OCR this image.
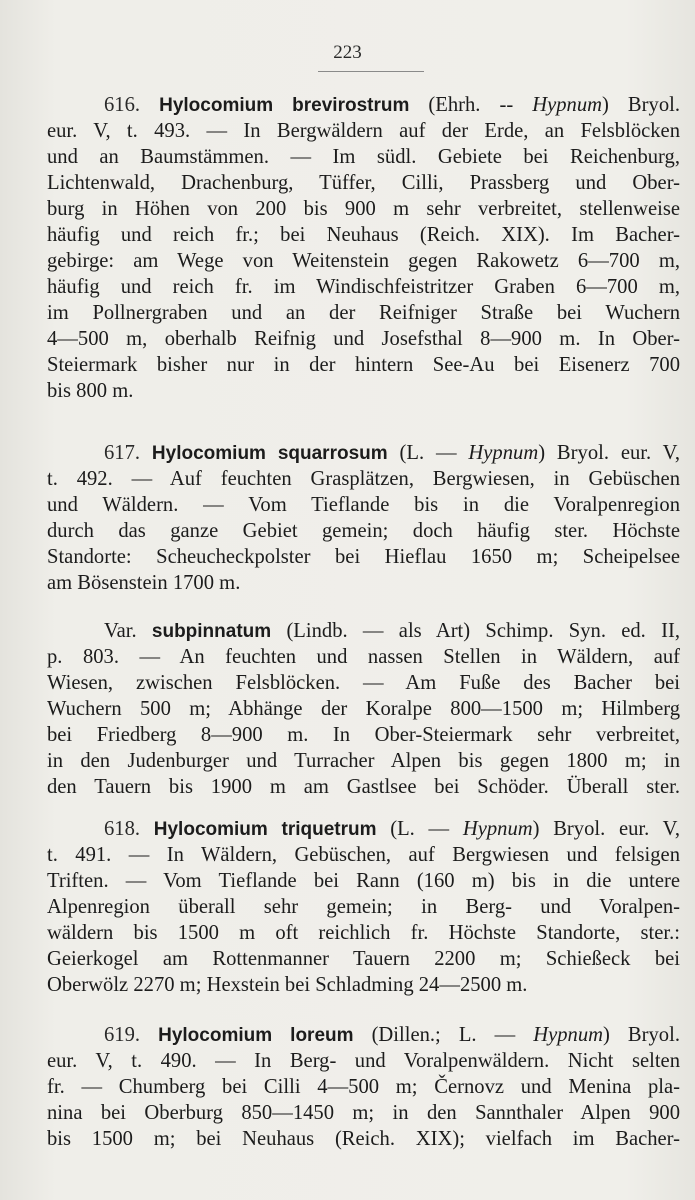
223
616. Hylocomium brevirostrum (Ehrh. -- Hypnum) Bryol.
eur. V, t. 493. — In Bergwäldern auf der Erde, an Felsblöcken
und an Baumstämmen. — Im südl. Gebiete bei Reichenburg,
Lichtenwald, Drachenburg, Tüffer, Cilli, Prassberg und Ober-
burg in Höhen von 200 bis 900 m sehr verbreitet, stellenweise
häufig und reich fr.; bei Neuhaus (Reich. XIX). Im Bacher-
gebirge: am Wege von Weitenstein gegen Rakowetz 6—700 m,
häufig und reich fr. im Windischfeistritzer Graben 6—700 m,
im Pollnergraben und an der Reifniger Straße bei Wuchern
4—500 m, oberhalb Reifnig und Josefsthal 8—900 m. In Ober-
Steiermark bisher nur in der hintern See-Au bei Eisenerz 700
bis 800 m.
617. Hylocomium squarrosum (L. — Hypnum) Bryol. eur. V,
t. 492. — Auf feuchten Grasplätzen, Bergwiesen, in Gebüschen
und Wäldern. — Vom Tieflande bis in die Voralpenregion
durch das ganze Gebiet gemein; doch häufig ster. Höchste
Standorte: Scheucheckpolster bei Hieflau 1650 m; Scheipelsee
am Bösenstein 1700 m.
Var. subpinnatum (Lindb. — als Art) Schimp. Syn. ed. II,
p. 803. — An feuchten und nassen Stellen in Wäldern, auf
Wiesen, zwischen Felsblöcken. — Am Fuße des Bacher bei
Wuchern 500 m; Abhänge der Koralpe 800—1500 m; Hilmberg
bei Friedberg 8—900 m. In Ober-Steiermark sehr verbreitet,
in den Judenburger und Turracher Alpen bis gegen 1800 m; in
den Tauern bis 1900 m am Gastlsee bei Schöder. Überall ster.
618. Hylocomium triquetrum (L. — Hypnum) Bryol. eur. V,
t. 491. — In Wäldern, Gebüschen, auf Bergwiesen und felsigen
Triften. — Vom Tieflande bei Rann (160 m) bis in die untere
Alpenregion überall sehr gemein; in Berg- und Voralpen-
wäldern bis 1500 m oft reichlich fr. Höchste Standorte, ster.:
Geierkogel am Rottenmanner Tauern 2200 m; Schießeck bei
Oberwölz 2270 m; Hexstein bei Schladming 24—2500 m.
619. Hylocomium loreum (Dillen.; L. — Hypnum) Bryol.
eur. V, t. 490. — In Berg- und Voralpenwäldern. Nicht selten
fr. — Chumberg bei Cilli 4—500 m; Černovz und Menina pla-
nina bei Oberburg 850—1450 m; in den Sannthaler Alpen 900
bis 1500 m; bei Neuhaus (Reich. XIX); vielfach im Bacher-
